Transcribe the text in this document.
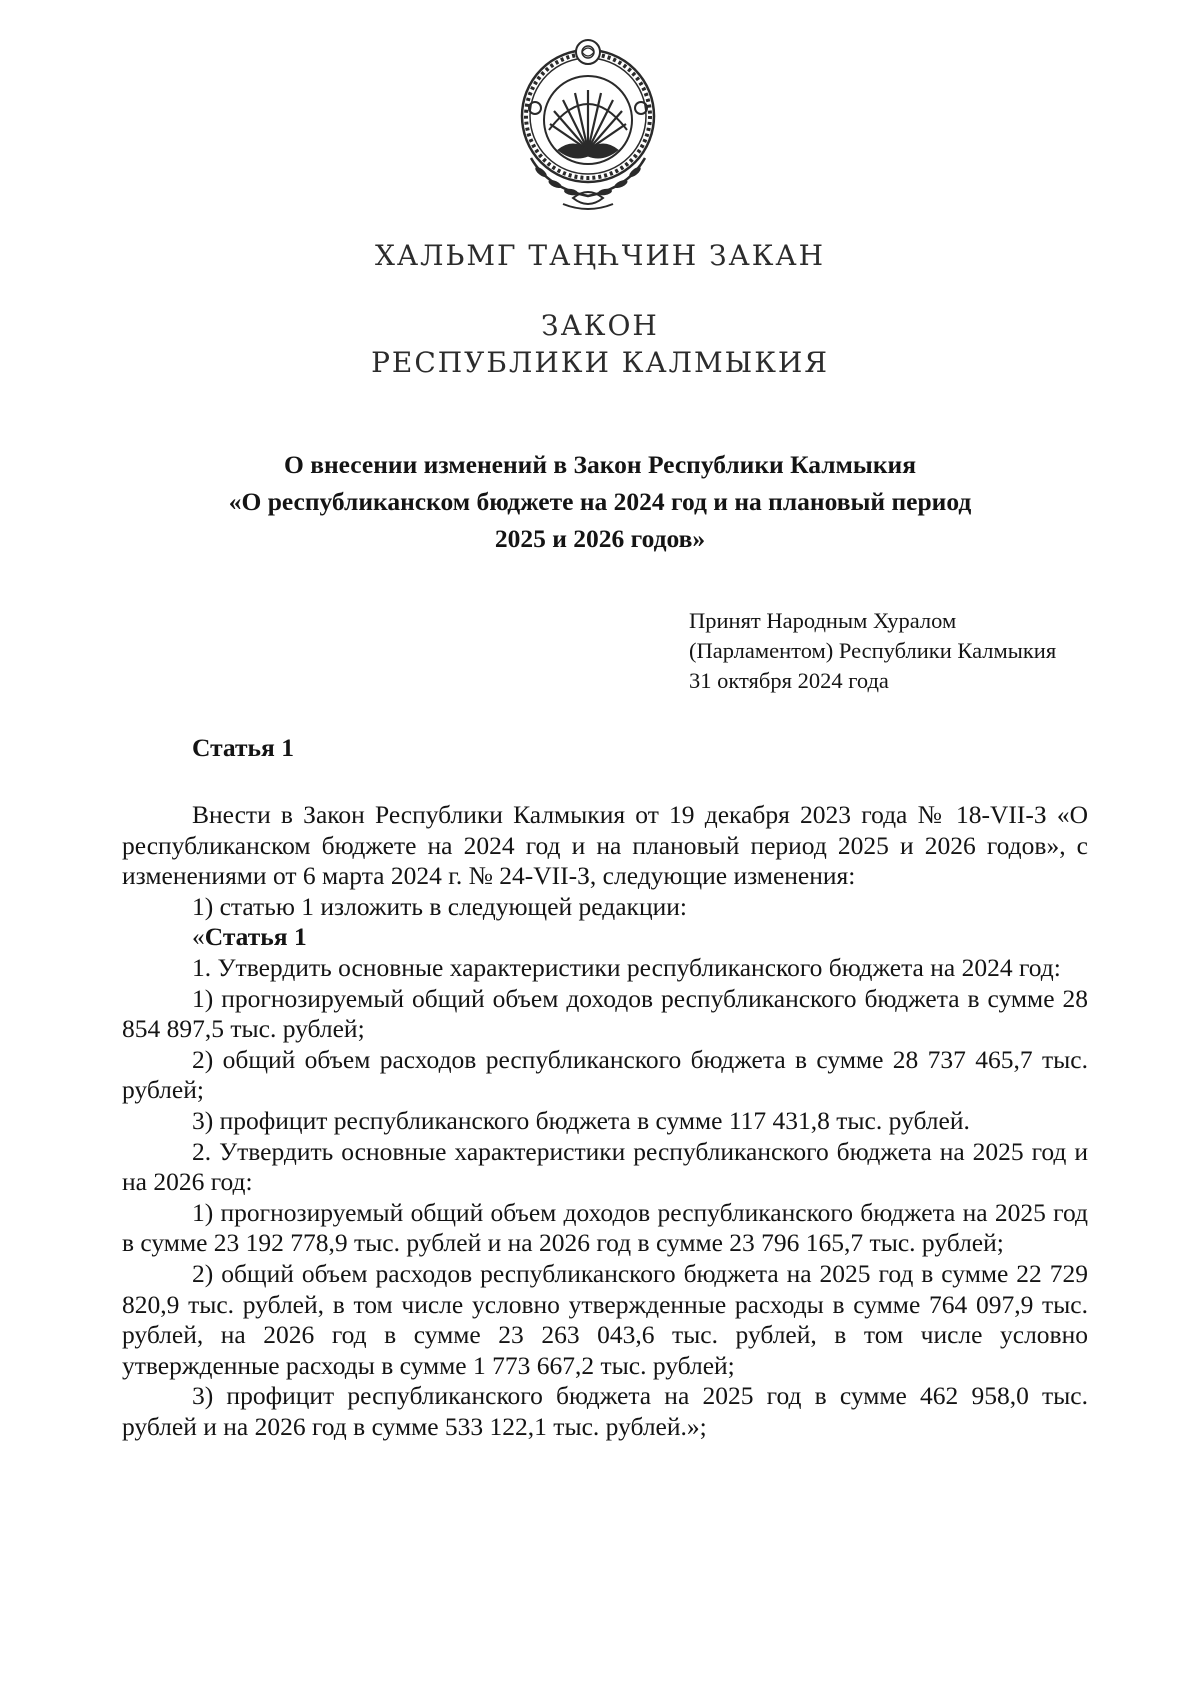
ХАЛЬМГ ТАҢҺЧИН ЗАКАН
ЗАКОН
РЕСПУБЛИКИ КАЛМЫКИЯ
О внесении изменений в Закон Республики Калмыкия
«О республиканском бюджете на 2024 год и на плановый период
2025 и 2026 годов»
Принят Народным Хуралом
(Парламентом) Республики Калмыкия
31 октября 2024 года
Статья 1

Внести в Закон Республики Калмыкия от 19 декабря 2023 года № 18-VII-З «О республиканском бюджете на 2024 год и на плановый период 2025 и 2026 годов», с изменениями от 6 марта 2024 г. № 24-VII-З, следующие изменения:

1) статью 1 изложить в следующей редакции:

«Статья 1

1. Утвердить основные характеристики республиканского бюджета на 2024 год:

1) прогнозируемый общий объем доходов республиканского бюджета в сумме 28 854 897,5 тыс. рублей;

2) общий объем расходов республиканского бюджета в сумме 28 737 465,7 тыс. рублей;

3) профицит республиканского бюджета в сумме 117 431,8 тыс. рублей.

2. Утвердить основные характеристики республиканского бюджета на 2025 год и на 2026 год:

1) прогнозируемый общий объем доходов республиканского бюджета на 2025 год в сумме 23 192 778,9 тыс. рублей и на 2026 год в сумме 23 796 165,7 тыс. рублей;

2) общий объем расходов республиканского бюджета на 2025 год в сумме 22 729 820,9 тыс. рублей, в том числе условно утвержденные расходы в сумме 764 097,9 тыс. рублей, на 2026 год в сумме 23 263 043,6 тыс. рублей, в том числе условно утвержденные расходы в сумме 1 773 667,2 тыс. рублей;

3) профицит республиканского бюджета на 2025 год в сумме 462 958,0 тыс. рублей и на 2026 год в сумме 533 122,1 тыс. рублей.»;
